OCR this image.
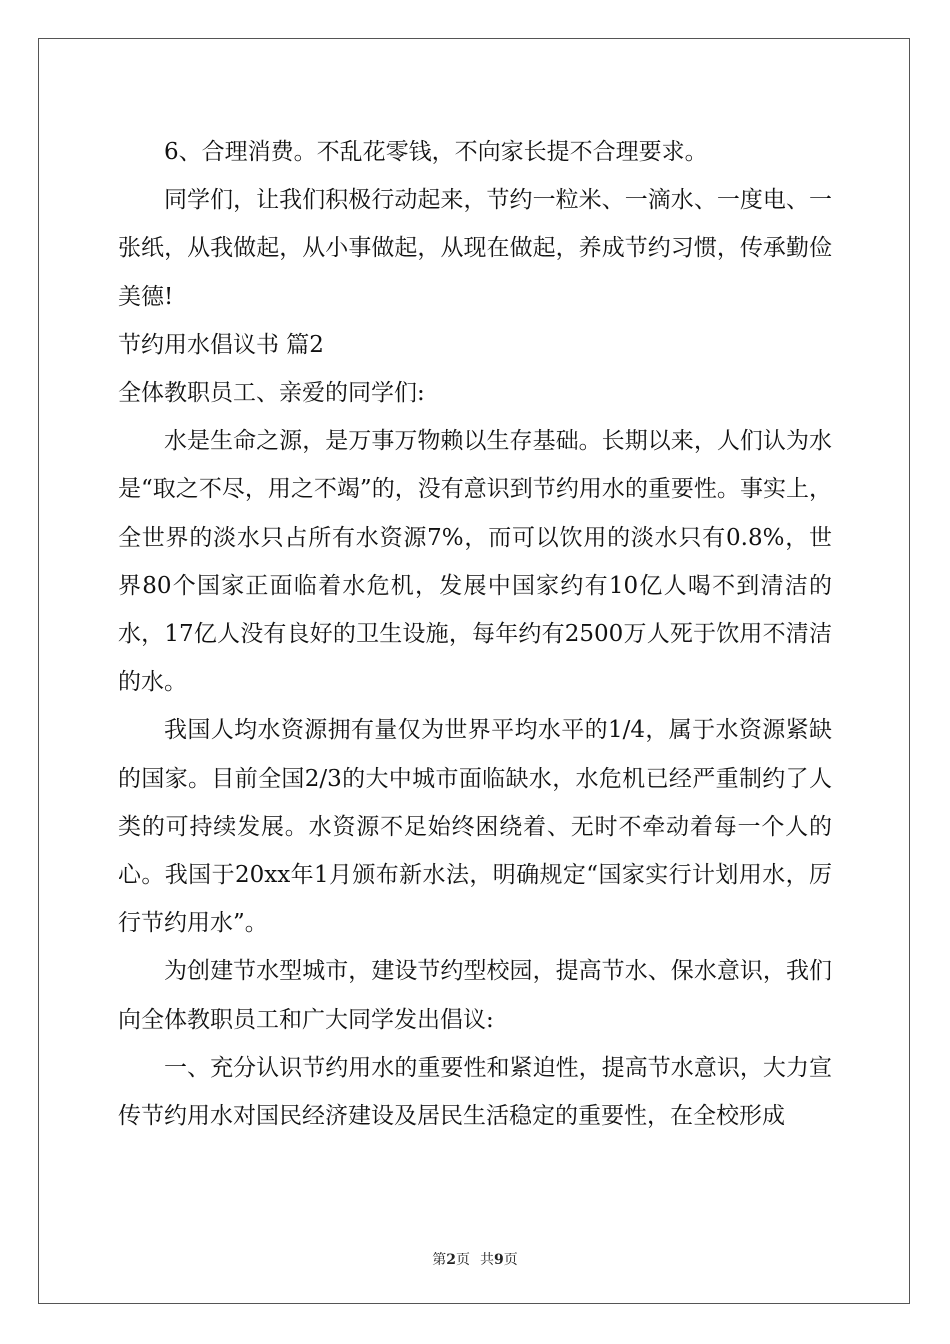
6、合理消费。不乱花零钱，不向家长提不合理要求。

同学们，让我们积极行动起来，节约一粒米、一滴水、一度电、一张纸，从我做起，从小事做起，从现在做起，养成节约习惯，传承勤俭美德!

节约用水倡议书 篇2

全体教职员工、亲爱的同学们:

水是生命之源，是万事万物赖以生存基础。长期以来，人们认为水是“取之不尽，用之不竭”的，没有意识到节约用水的重要性。事实上，全世界的淡水只占所有水资源7%，而可以饮用的淡水只有0.8%，世界80个国家正面临着水危机，发展中国家约有10亿人喝不到清洁的水，17亿人没有良好的卫生设施，每年约有2500万人死于饮用不清洁的水。

我国人均水资源拥有量仅为世界平均水平的1/4，属于水资源紧缺的国家。目前全国2/3的大中城市面临缺水，水危机已经严重制约了人类的可持续发展。水资源不足始终困绕着、无时不牵动着每一个人的心。我国于20xx年1月颁布新水法，明确规定“国家实行计划用水，厉行节约用水”。

为创建节水型城市，建设节约型校园，提高节水、保水意识，我们向全体教职员工和广大同学发出倡议:

一、充分认识节约用水的重要性和紧迫性，提高节水意识，大力宣传节约用水对国民经济建设及居民生活稳定的重要性，在全校形成

第2页 共9页
